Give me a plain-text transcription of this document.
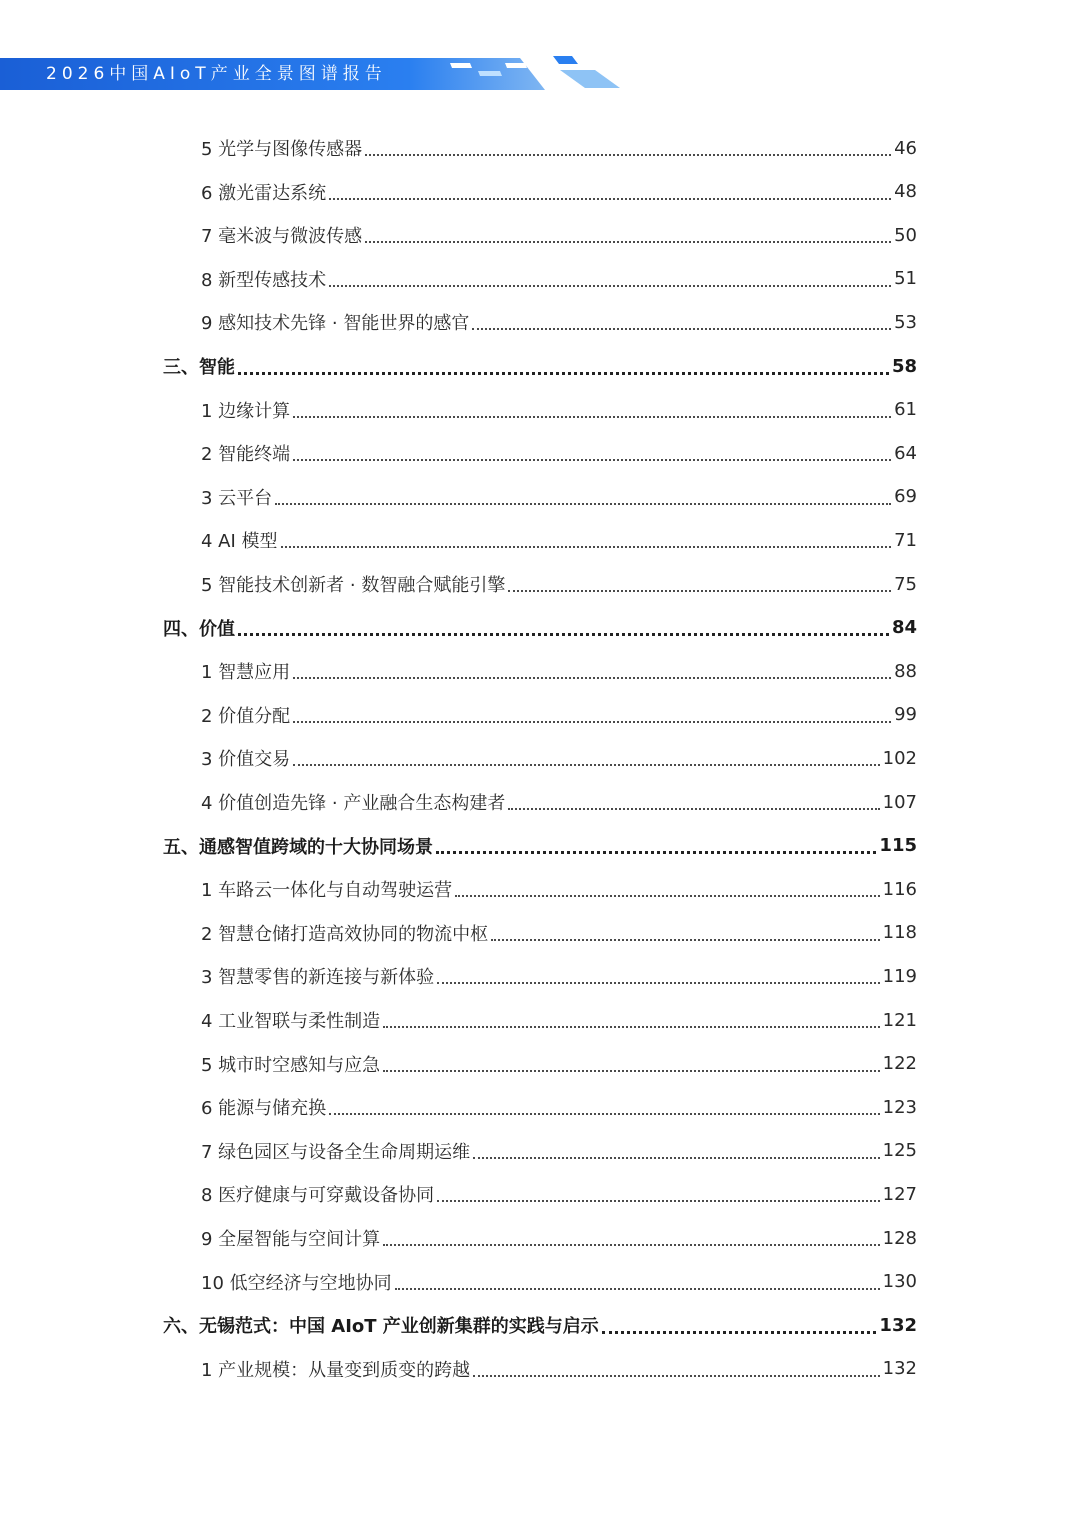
2026中国AIoT产业全景图谱报告
5 光学与图像传感器	46
6 激光雷达系统	48
7 毫米波与微波传感	50
8 新型传感技术	51
9 感知技术先锋 · 智能世界的感官	53
三、智能	58
1 边缘计算	61
2 智能终端	64
3 云平台	69
4 AI 模型	71
5 智能技术创新者 · 数智融合赋能引擎	75
四、价值	84
1 智慧应用	88
2 价值分配	99
3 价值交易	102
4 价值创造先锋 · 产业融合生态构建者	107
五、通感智值跨域的十大协同场景	115
1 车路云一体化与自动驾驶运营	116
2 智慧仓储打造高效协同的物流中枢	118
3 智慧零售的新连接与新体验	119
4 工业智联与柔性制造	121
5 城市时空感知与应急	122
6 能源与储充换	123
7 绿色园区与设备全生命周期运维	125
8 医疗健康与可穿戴设备协同	127
9 全屋智能与空间计算	128
10 低空经济与空地协同	130
六、无锡范式：中国 AIoT 产业创新集群的实践与启示	132
1 产业规模：从量变到质变的跨越	132
